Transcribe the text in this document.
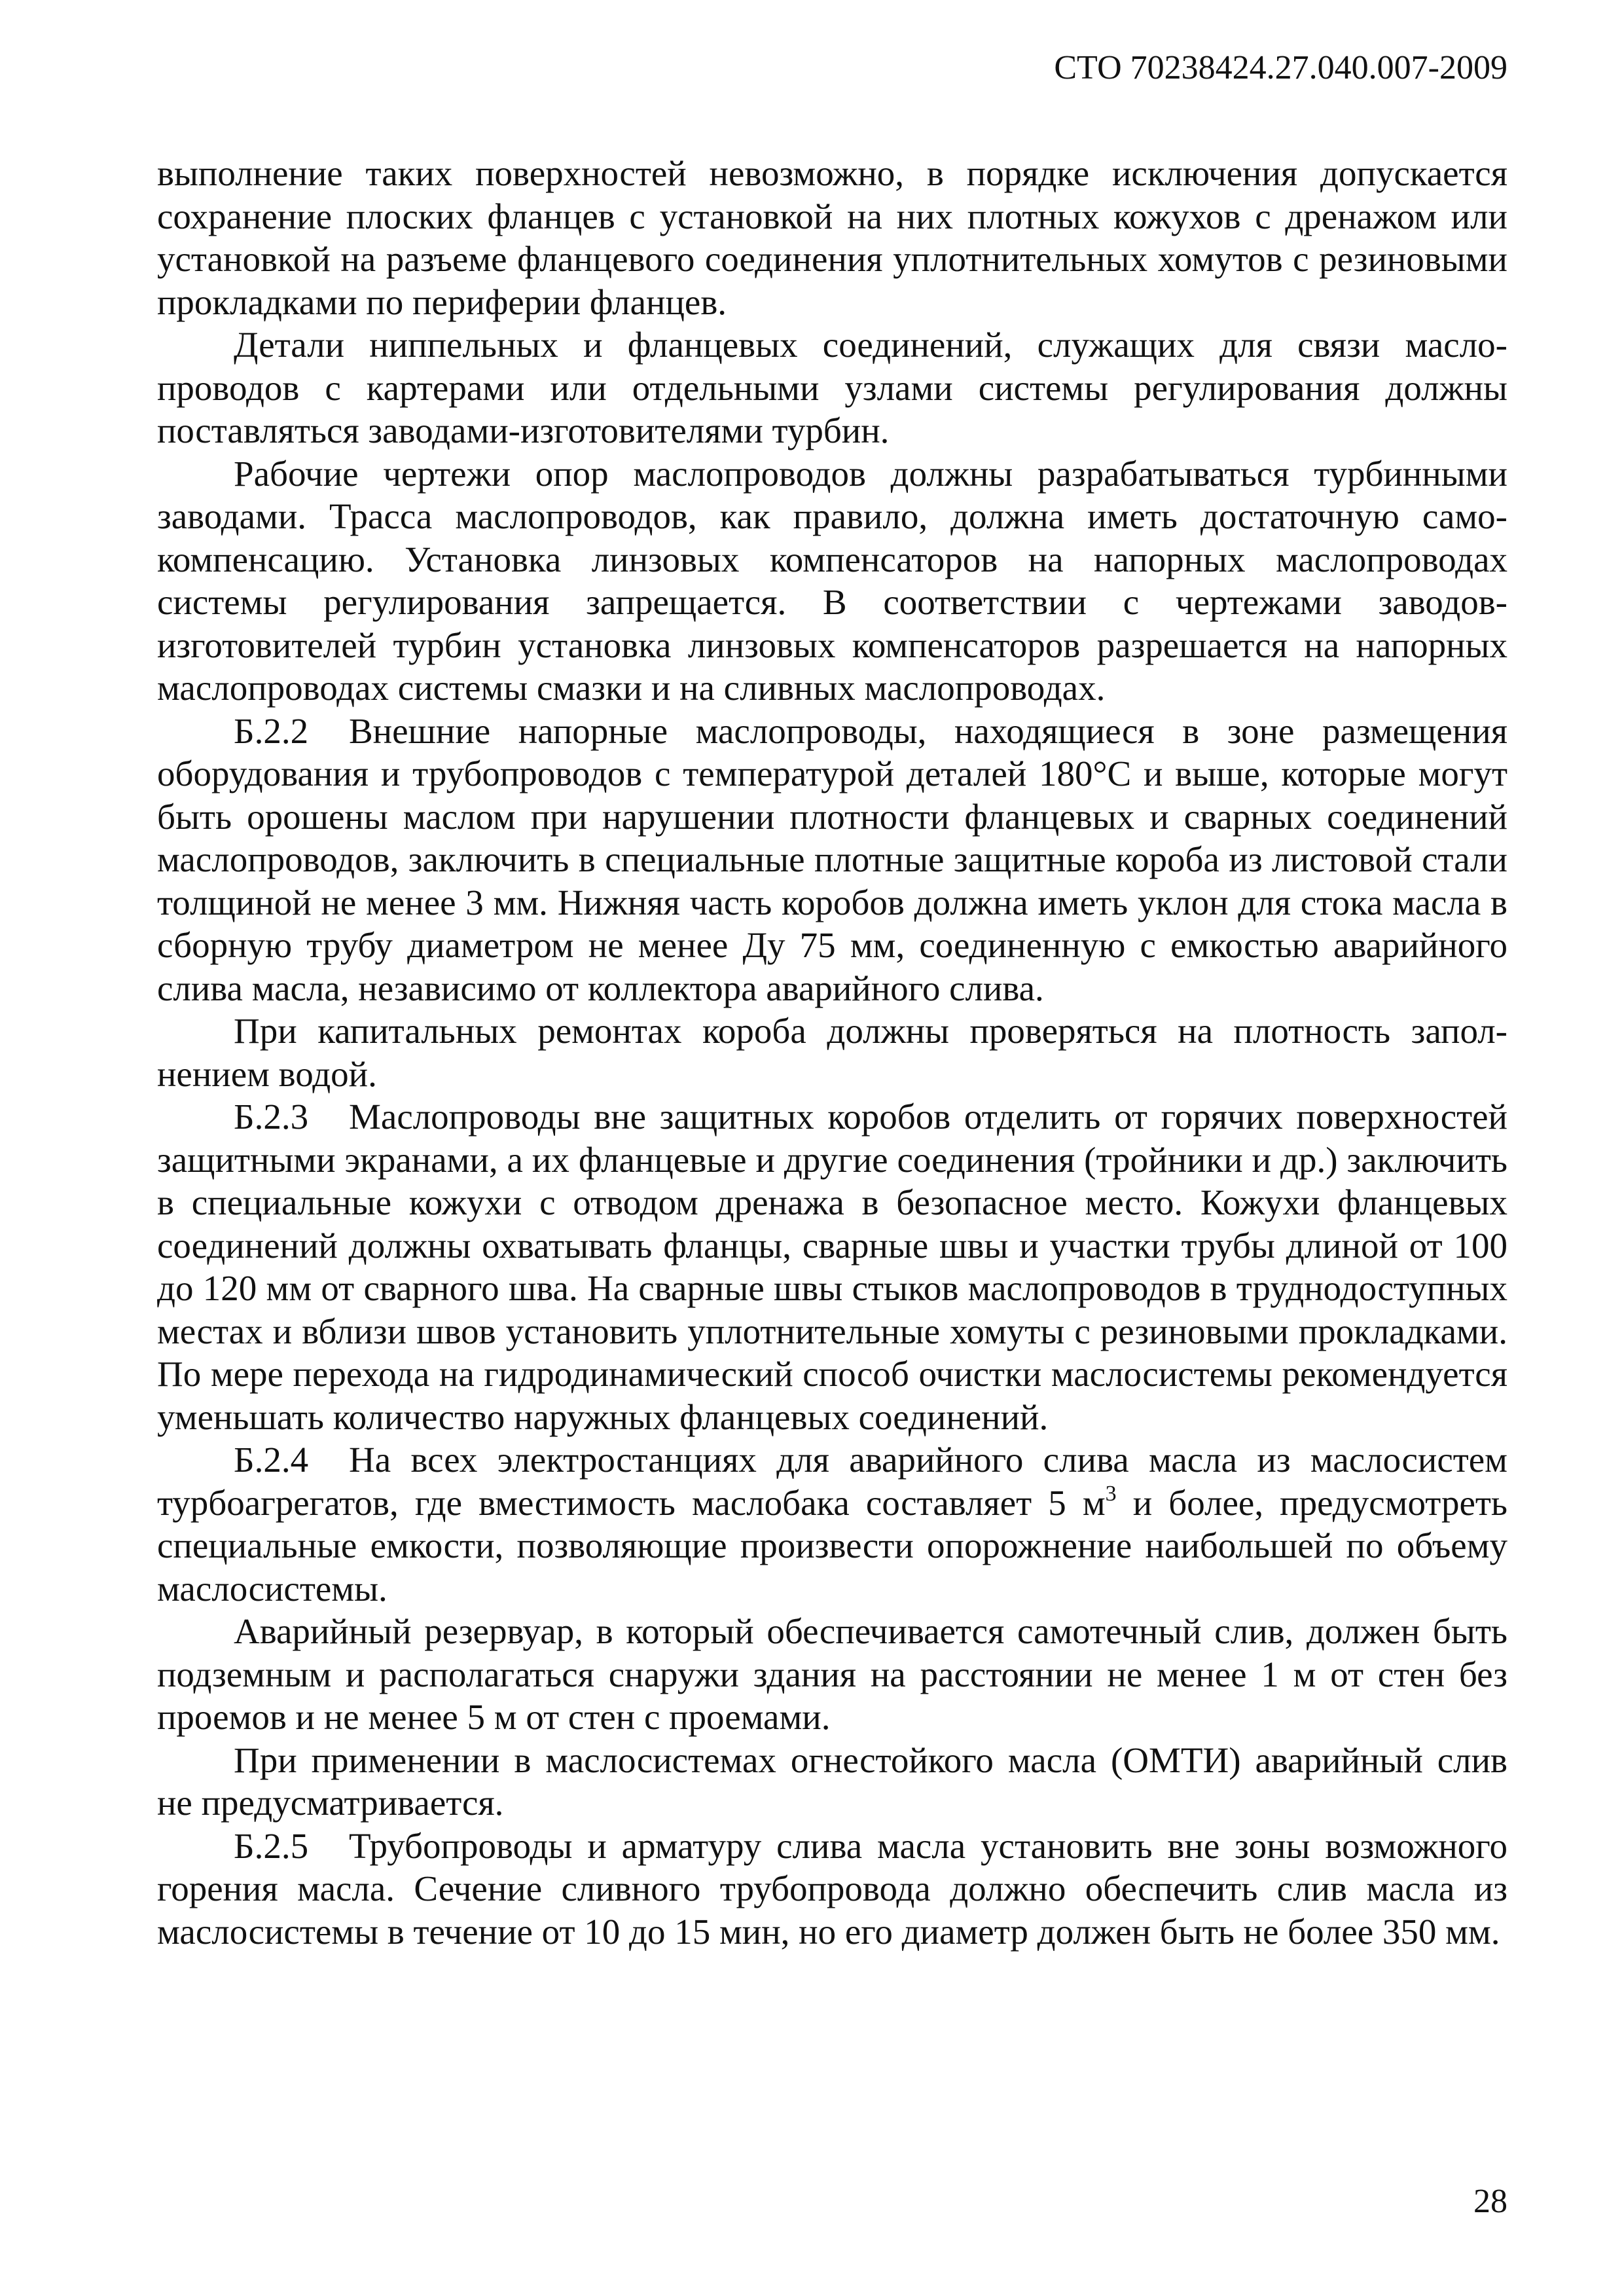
СТО 70238424.27.040.007-2009

выполнение таких поверхностей невозможно, в порядке исключения допускается сохранение плоских фланцев с установкой на них плотных кожухов с дренажом или установкой на разъеме фланцевого соединения уплотнительных хомутов с резиновыми прокладками по периферии фланцев.

Детали ниппельных и фланцевых соединений, служащих для связи маслопроводов с картерами или отдельными узлами системы регулирования должны поставляться заводами-изготовителями турбин.

Рабочие чертежи опор маслопроводов должны разрабатываться турбинными заводами. Трасса маслопроводов, как правило, должна иметь достаточную самокомпенсацию. Установка линзовых компенсаторов на напорных маслопроводах системы регулирования запрещается. В соответствии с чертежами заводов-изготовителей турбин установка линзовых компенсаторов разрешается на напорных маслопроводах системы смазки и на сливных маслопроводах.

Б.2.2 Внешние напорные маслопроводы, находящиеся в зоне размещения оборудования и трубопроводов с температурой деталей 180°С и выше, которые могут быть орошены маслом при нарушении плотности фланцевых и сварных соединений маслопроводов, заключить в специальные плотные защитные короба из листовой стали толщиной не менее 3 мм. Нижняя часть коробов должна иметь уклон для стока масла в сборную трубу диаметром не менее Ду 75 мм, соединенную с емкостью аварийного слива масла, независимо от коллектора аварийного слива.

При капитальных ремонтах короба должны проверяться на плотность заполнением водой.

Б.2.3 Маслопроводы вне защитных коробов отделить от горячих поверхностей защитными экранами, а их фланцевые и другие соединения (тройники и др.) заключить в специальные кожухи с отводом дренажа в безопасное место. Кожухи фланцевых соединений должны охватывать фланцы, сварные швы и участки трубы длиной от 100 до 120 мм от сварного шва. На сварные швы стыков маслопроводов в труднодоступных местах и вблизи швов установить уплотнительные хомуты с резиновыми прокладками. По мере перехода на гидродинамический способ очистки маслосистемы рекомендуется уменьшать количество наружных фланцевых соединений.

Б.2.4 На всех электростанциях для аварийного слива масла из маслосистем турбоагрегатов, где вместимость маслобака составляет 5 $м^3$ и более, предусмотреть специальные емкости, позволяющие произвести опорожнение наибольшей по объему маслосистемы.

Аварийный резервуар, в который обеспечивается самотечный слив, должен быть подземным и располагаться снаружи здания на расстоянии не менее 1 м от стен без проемов и не менее 5 м от стен с проемами.

При применении в маслосистемах огнестойкого масла (ОМТИ) аварийный слив не предусматривается.

Б.2.5 Трубопроводы и арматуру слива масла установить вне зоны возможного горения масла. Сечение сливного трубопровода должно обеспечить слив масла из маслосистемы в течение от 10 до 15 мин, но его диаметр должен быть не более 350 мм.

28
